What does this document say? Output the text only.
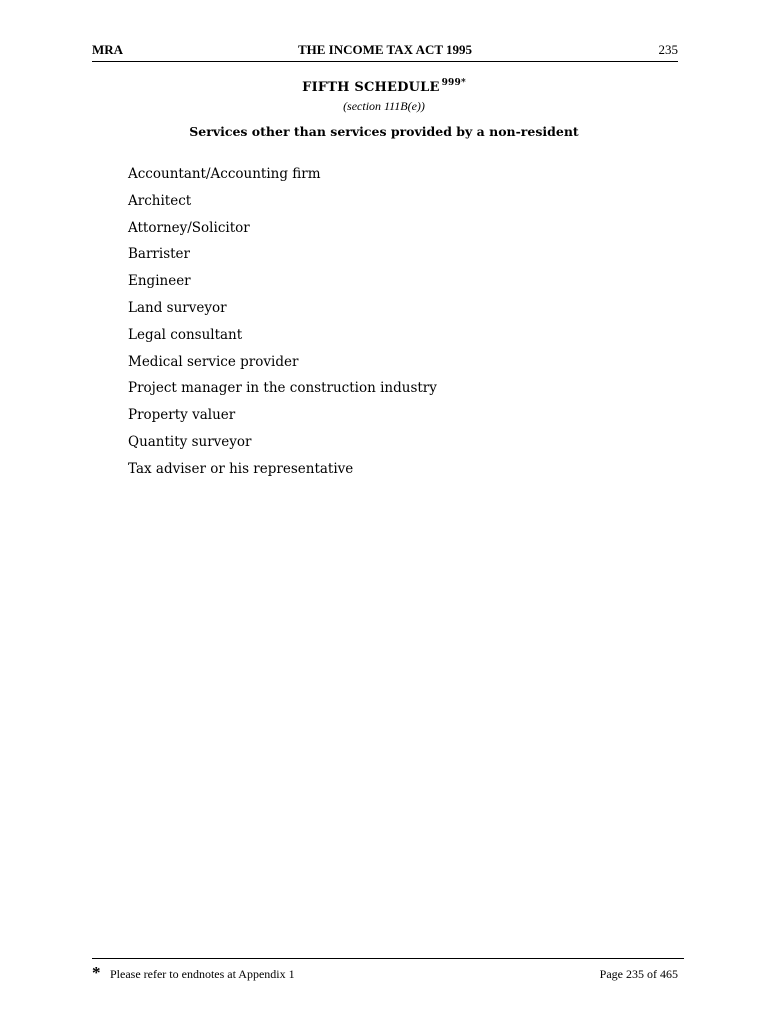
MRA	THE INCOME TAX ACT 1995	235
FIFTH SCHEDULE $^{999*}$
(section 111B(e))
Services other than services provided by a non-resident
Accountant/Accounting firm
Architect
Attorney/Solicitor
Barrister
Engineer
Land surveyor
Legal consultant
Medical service provider
Project manager in the construction industry
Property valuer
Quantity surveyor
Tax adviser or his representative
* Please refer to endnotes at Appendix 1	Page 235 of 465
